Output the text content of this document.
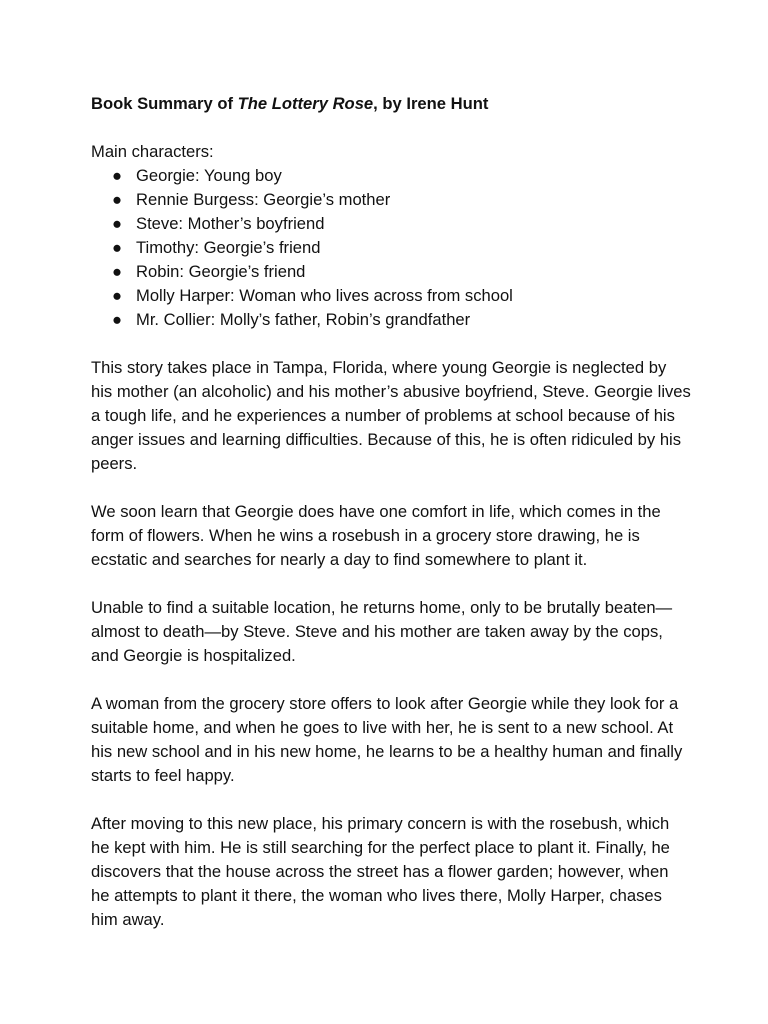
Book Summary of The Lottery Rose, by Irene Hunt

Main characters:

● Georgie: Young boy
● Rennie Burgess: Georgie’s mother
● Steve: Mother’s boyfriend
● Timothy: Georgie’s friend
● Robin: Georgie’s friend
● Molly Harper: Woman who lives across from school
● Mr. Collier: Molly’s father, Robin’s grandfather

This story takes place in Tampa, Florida, where young Georgie is neglected by his mother (an alcoholic) and his mother’s abusive boyfriend, Steve. Georgie lives a tough life, and he experiences a number of problems at school because of his anger issues and learning difficulties. Because of this, he is often ridiculed by his peers.

We soon learn that Georgie does have one comfort in life, which comes in the form of flowers. When he wins a rosebush in a grocery store drawing, he is ecstatic and searches for nearly a day to find somewhere to plant it.

Unable to find a suitable location, he returns home, only to be brutally beaten—almost to death—by Steve. Steve and his mother are taken away by the cops, and Georgie is hospitalized.

A woman from the grocery store offers to look after Georgie while they look for a suitable home, and when he goes to live with her, he is sent to a new school. At his new school and in his new home, he learns to be a healthy human and finally starts to feel happy.

After moving to this new place, his primary concern is with the rosebush, which he kept with him. He is still searching for the perfect place to plant it. Finally, he discovers that the house across the street has a flower garden; however, when he attempts to plant it there, the woman who lives there, Molly Harper, chases him away.
